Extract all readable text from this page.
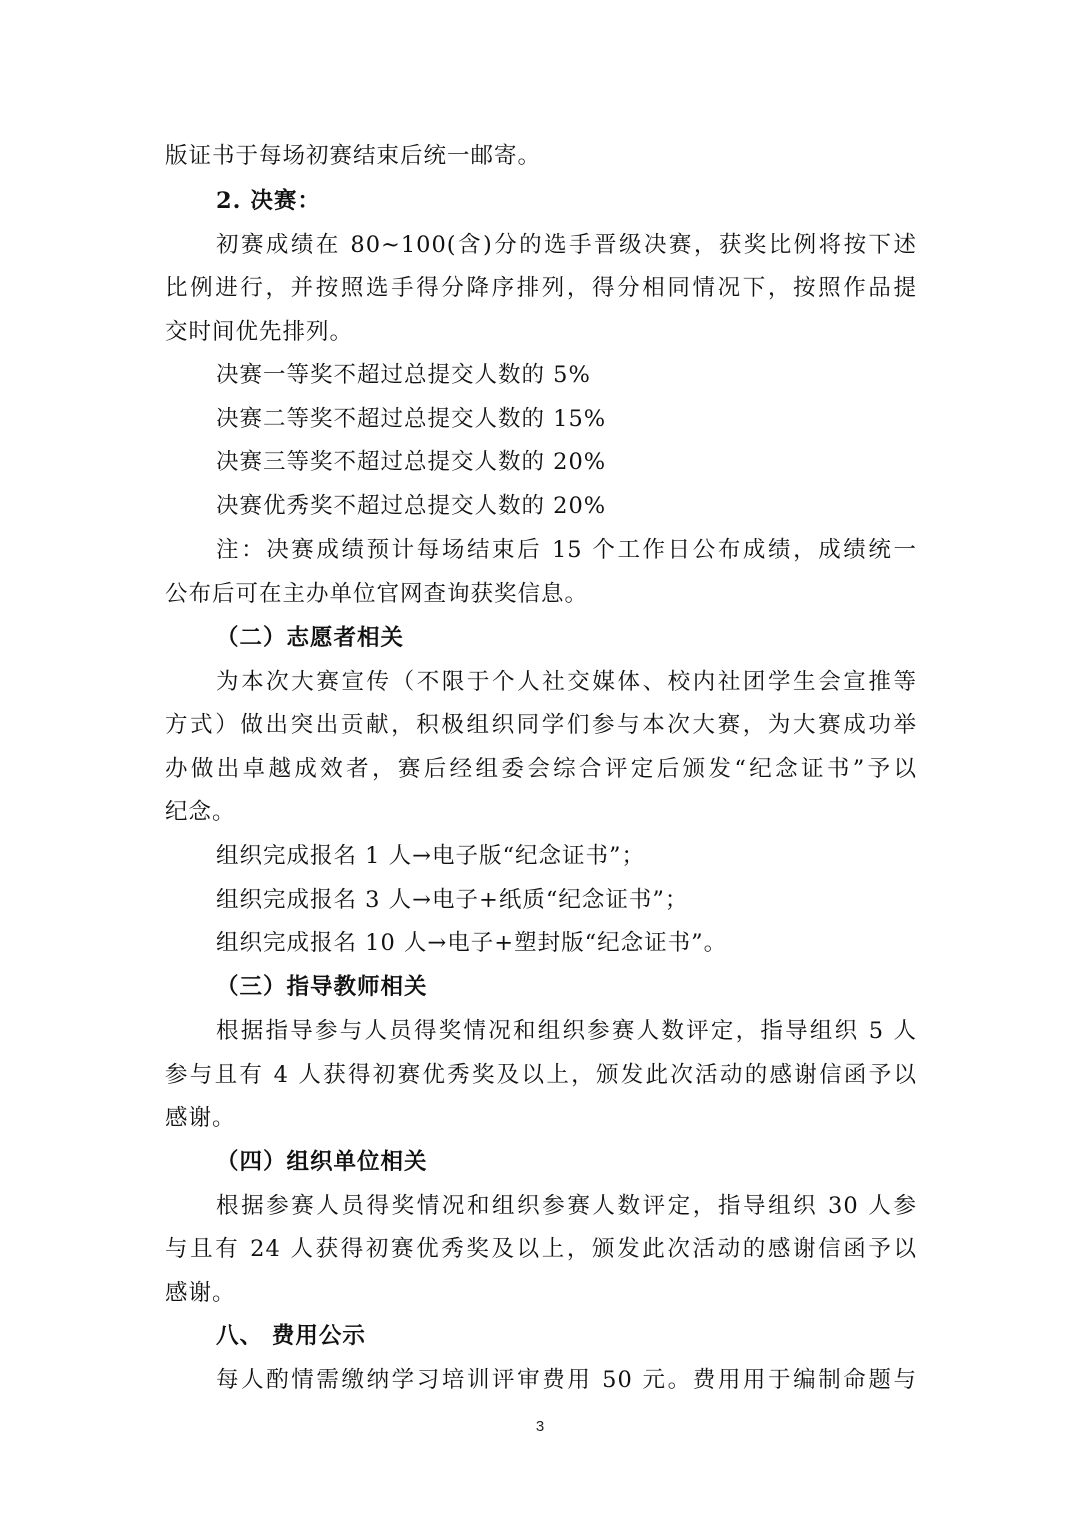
版证书于每场初赛结束后统一邮寄。
2. 决赛：
初赛成绩在 80~100(含)分的选手晋级决赛，获奖比例将按下述
比例进行，并按照选手得分降序排列，得分相同情况下，按照作品提
交时间优先排列。
决赛一等奖不超过总提交人数的 5%
决赛二等奖不超过总提交人数的 15%
决赛三等奖不超过总提交人数的 20%
决赛优秀奖不超过总提交人数的 20%
注：决赛成绩预计每场结束后 15 个工作日公布成绩，成绩统一
公布后可在主办单位官网查询获奖信息。
（二）志愿者相关
为本次大赛宣传（不限于个人社交媒体、校内社团学生会宣推等
方式）做出突出贡献，积极组织同学们参与本次大赛，为大赛成功举
办做出卓越成效者，赛后经组委会综合评定后颁发“纪念证书”予以
纪念。
组织完成报名 1 人→电子版“纪念证书”；
组织完成报名 3 人→电子+纸质“纪念证书”；
组织完成报名 10 人→电子+塑封版“纪念证书”。
（三）指导教师相关
根据指导参与人员得奖情况和组织参赛人数评定，指导组织 5 人
参与且有 4 人获得初赛优秀奖及以上，颁发此次活动的感谢信函予以
感谢。
（四）组织单位相关
根据参赛人员得奖情况和组织参赛人数评定，指导组织 30 人参
与且有 24 人获得初赛优秀奖及以上，颁发此次活动的感谢信函予以
感谢。
八、 费用公示
每人酌情需缴纳学习培训评审费用 50 元。费用用于编制命题与
3
